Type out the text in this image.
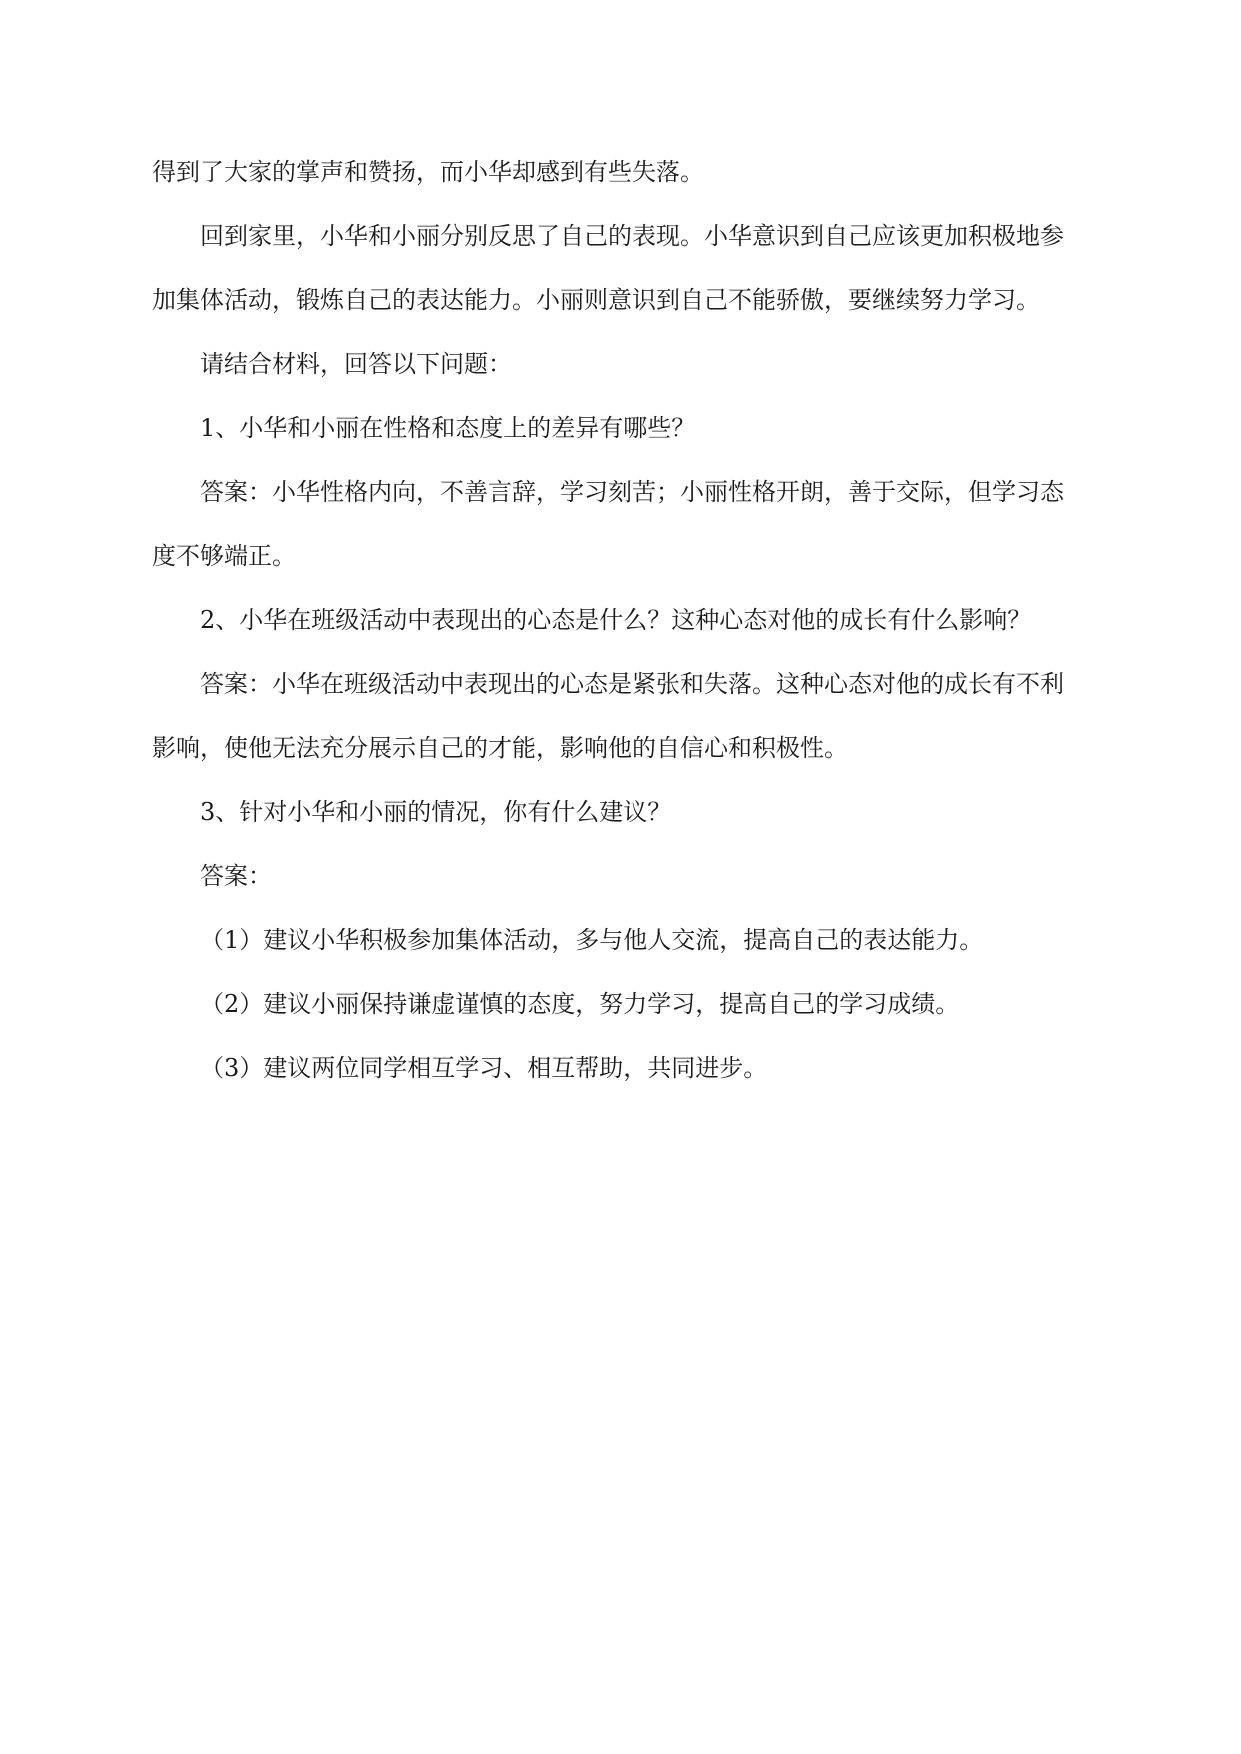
得到了大家的掌声和赞扬，而小华却感到有些失落。

回到家里，小华和小丽分别反思了自己的表现。小华意识到自己应该更加积极地参

加集体活动，锻炼自己的表达能力。小丽则意识到自己不能骄傲，要继续努力学习。

请结合材料，回答以下问题：

1、小华和小丽在性格和态度上的差异有哪些？

答案：小华性格内向，不善言辞，学习刻苦；小丽性格开朗，善于交际，但学习态

度不够端正。

2、小华在班级活动中表现出的心态是什么？这种心态对他的成长有什么影响？

答案：小华在班级活动中表现出的心态是紧张和失落。这种心态对他的成长有不利

影响，使他无法充分展示自己的才能，影响他的自信心和积极性。

3、针对小华和小丽的情况，你有什么建议？

答案：

（1）建议小华积极参加集体活动，多与他人交流，提高自己的表达能力。

（2）建议小丽保持谦虚谨慎的态度，努力学习，提高自己的学习成绩。

（3）建议两位同学相互学习、相互帮助，共同进步。
